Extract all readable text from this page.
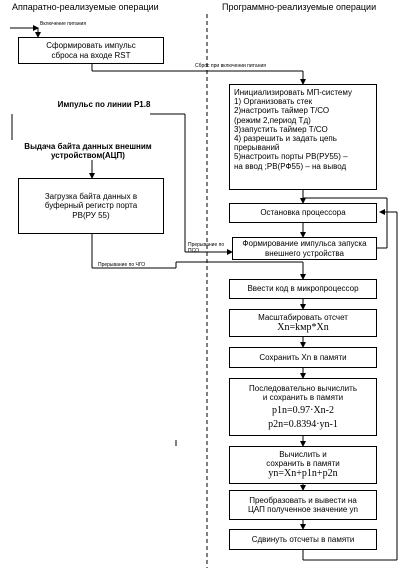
Аппаратно-реализуемые операции	Программно-реализуемые операции
Включение питания
Сброс при включении питания
Прерывание по
ПСО
Прерывание по ЧГО
Импульс по линии Р1.8
Выдача байта данных внешним
устройством(АЦП)
Сформировать импульс
сброса на входе RST
Загрузка байта данных в
буферный регистр порта
PB(РУ 55)
Инициализировать МП-систему
1) Организовать стек
2)настроить таймер Т/СО
(режим 2,период Тд)
3)запустить таймер Т/СО
4) разрешить и задать цепь
прерываний
5)настроить порты РВ(РУ55) –
на ввод ;РВ(РФ55) – на вывод
Остановка процессора
Формирование импульса запуска
внешнего устройства
Ввести код в микропроцессор
Масштабировать отсчет
Xn=kмр*Xn
Сохранить Xn в памяти
Последовательно вычислить
и сохранить в памяти
p1n=0.97·Xn-2
p2n=0.8394·yn-1
Вычислить и
сохранить в памяти
yn=Xn+p1n+p2n
Преобразовать и вывести на
ЦАП полученное значение yn
Сдвинуть отсчеты в памяти
